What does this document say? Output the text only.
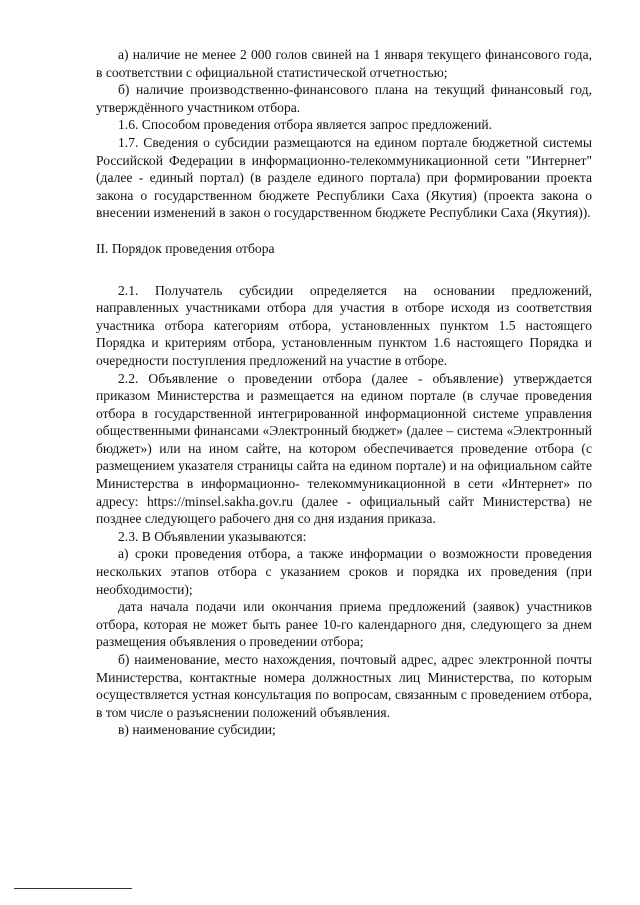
а) наличие не менее 2 000 голов свиней на 1 января текущего финансового года, в соответствии с официальной статистической отчетностью;

б) наличие производственно-финансового плана на текущий финансовый год, утверждённого участником отбора.

1.6. Способом проведения отбора является запрос предложений.

1.7. Сведения о субсидии размещаются на едином портале бюджетной системы Российской Федерации в информационно-телекоммуникационной сети "Интернет" (далее - единый портал) (в разделе единого портала) при формировании проекта закона о государственном бюджете Республики Саха (Якутия) (проекта закона о внесении изменений в закон о государственном бюджете Республики Саха (Якутия)).

II. Порядок проведения отбора

2.1. Получатель субсидии определяется на основании предложений, направленных участниками отбора для участия в отборе исходя из соответствия участника отбора категориям отбора, установленных пунктом 1.5 настоящего Порядка и критериям отбора, установленным пунктом 1.6 настоящего Порядка и очередности поступления предложений на участие в отборе.

2.2. Объявление о проведении отбора (далее - объявление) утверждается приказом Министерства и размещается на едином портале (в случае проведения отбора в государственной интегрированной информационной системе управления общественными финансами «Электронный бюджет» (далее – система «Электронный бюджет») или на ином сайте, на котором обеспечивается проведение отбора (с размещением указателя страницы сайта на едином портале) и на официальном сайте Министерства в информационно- телекоммуникационной в сети «Интернет» по адресу: https://minsel.sakha.gov.ru (далее - официальный сайт Министерства) не позднее следующего рабочего дня со дня издания приказа.

2.3. В Объявлении указываются:

а) сроки проведения отбора, а также информации о возможности проведения нескольких этапов отбора с указанием сроков и порядка их проведения (при необходимости);

дата начала подачи или окончания приема предложений (заявок) участников отбора, которая не может быть ранее 10-го календарного дня, следующего за днем размещения объявления о проведении отбора;

б) наименование, место нахождения, почтовый адрес, адрес электронной почты Министерства, контактные номера должностных лиц Министерства, по которым осуществляется устная консультация по вопросам, связанным с проведением отбора, в том числе о разъяснении положений объявления.

в) наименование субсидии;
